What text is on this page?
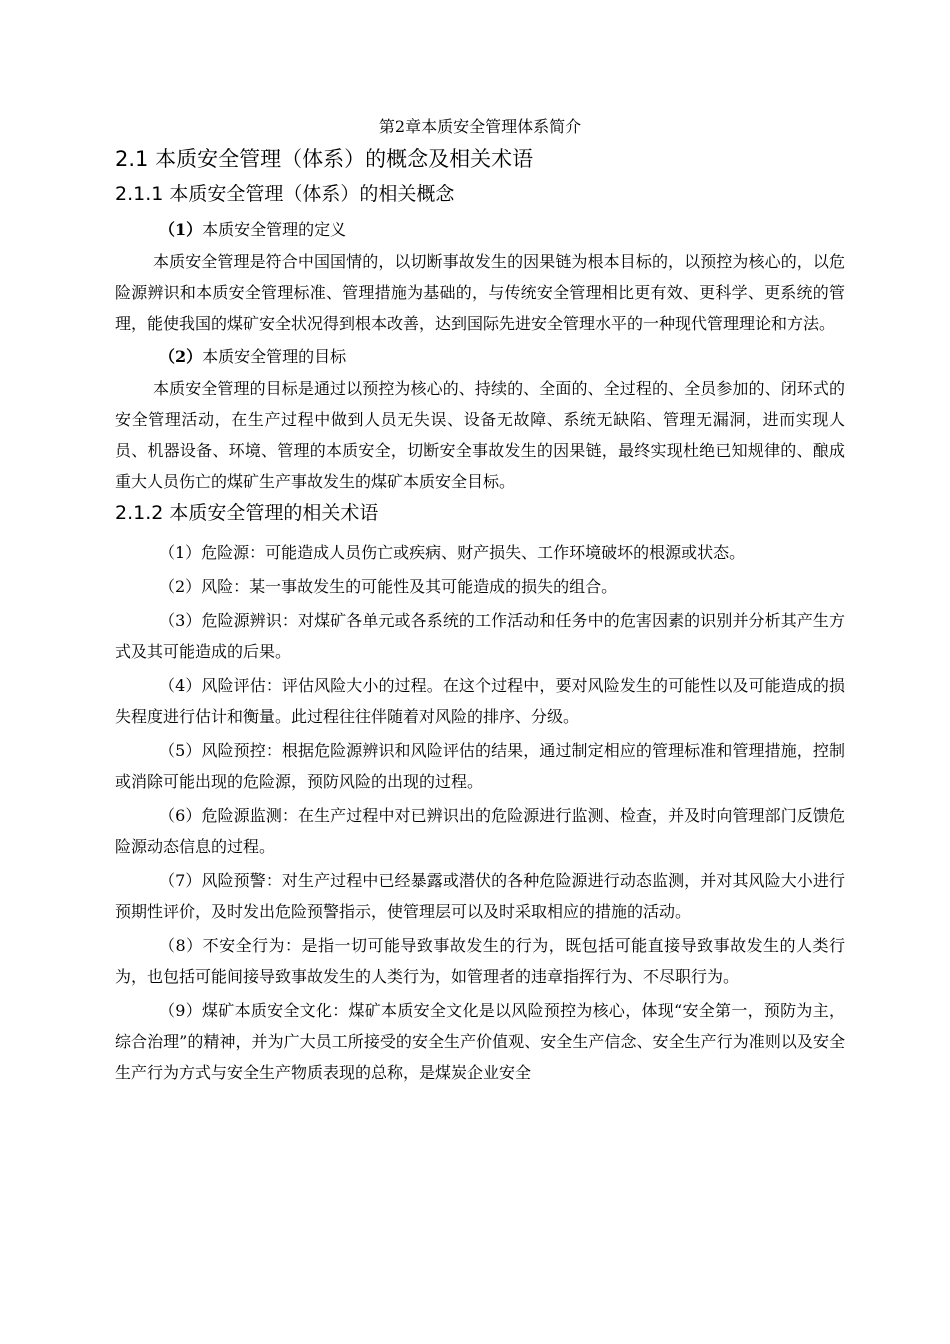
第2章本质安全管理体系简介
2.1 本质安全管理（体系）的概念及相关术语
2.1.1 本质安全管理（体系）的相关概念

（1）本质安全管理的定义

本质安全管理是符合中国国情的，以切断事故发生的因果链为根本目标的，以预控为核心的，以危险源辨识和本质安全管理标准、管理措施为基础的，与传统安全管理相比更有效、更科学、更系统的管理，能使我国的煤矿安全状况得到根本改善，达到国际先进安全管理水平的一种现代管理理论和方法。

（2）本质安全管理的目标

本质安全管理的目标是通过以预控为核心的、持续的、全面的、全过程的、全员参加的、闭环式的安全管理活动，在生产过程中做到人员无失误、设备无故障、系统无缺陷、管理无漏洞，进而实现人员、机器设备、环境、管理的本质安全，切断安全事故发生的因果链，最终实现杜绝已知规律的、酿成重大人员伤亡的煤矿生产事故发生的煤矿本质安全目标。

2.1.2 本质安全管理的相关术语

（1）危险源：可能造成人员伤亡或疾病、财产损失、工作环境破坏的根源或状态。

（2）风险：某一事故发生的可能性及其可能造成的损失的组合。

（3）危险源辨识：对煤矿各单元或各系统的工作活动和任务中的危害因素的识别并分析其产生方式及其可能造成的后果。

（4）风险评估：评估风险大小的过程。在这个过程中，要对风险发生的可能性以及可能造成的损失程度进行估计和衡量。此过程往往伴随着对风险的排序、分级。

（5）风险预控：根据危险源辨识和风险评估的结果，通过制定相应的管理标准和管理措施，控制或消除可能出现的危险源，预防风险的出现的过程。

（6）危险源监测：在生产过程中对已辨识出的危险源进行监测、检查，并及时向管理部门反馈危险源动态信息的过程。

（7）风险预警：对生产过程中已经暴露或潜伏的各种危险源进行动态监测，并对其风险大小进行预期性评价，及时发出危险预警指示，使管理层可以及时采取相应的措施的活动。

（8）不安全行为：是指一切可能导致事故发生的行为，既包括可能直接导致事故发生的人类行为，也包括可能间接导致事故发生的人类行为，如管理者的违章指挥行为、不尽职行为。

（9）煤矿本质安全文化：煤矿本质安全文化是以风险预控为核心，体现“安全第一，预防为主，综合治理”的精神，并为广大员工所接受的安全生产价值观、安全生产信念、安全生产行为准则以及安全生产行为方式与安全生产物质表现的总称，是煤炭企业安全
